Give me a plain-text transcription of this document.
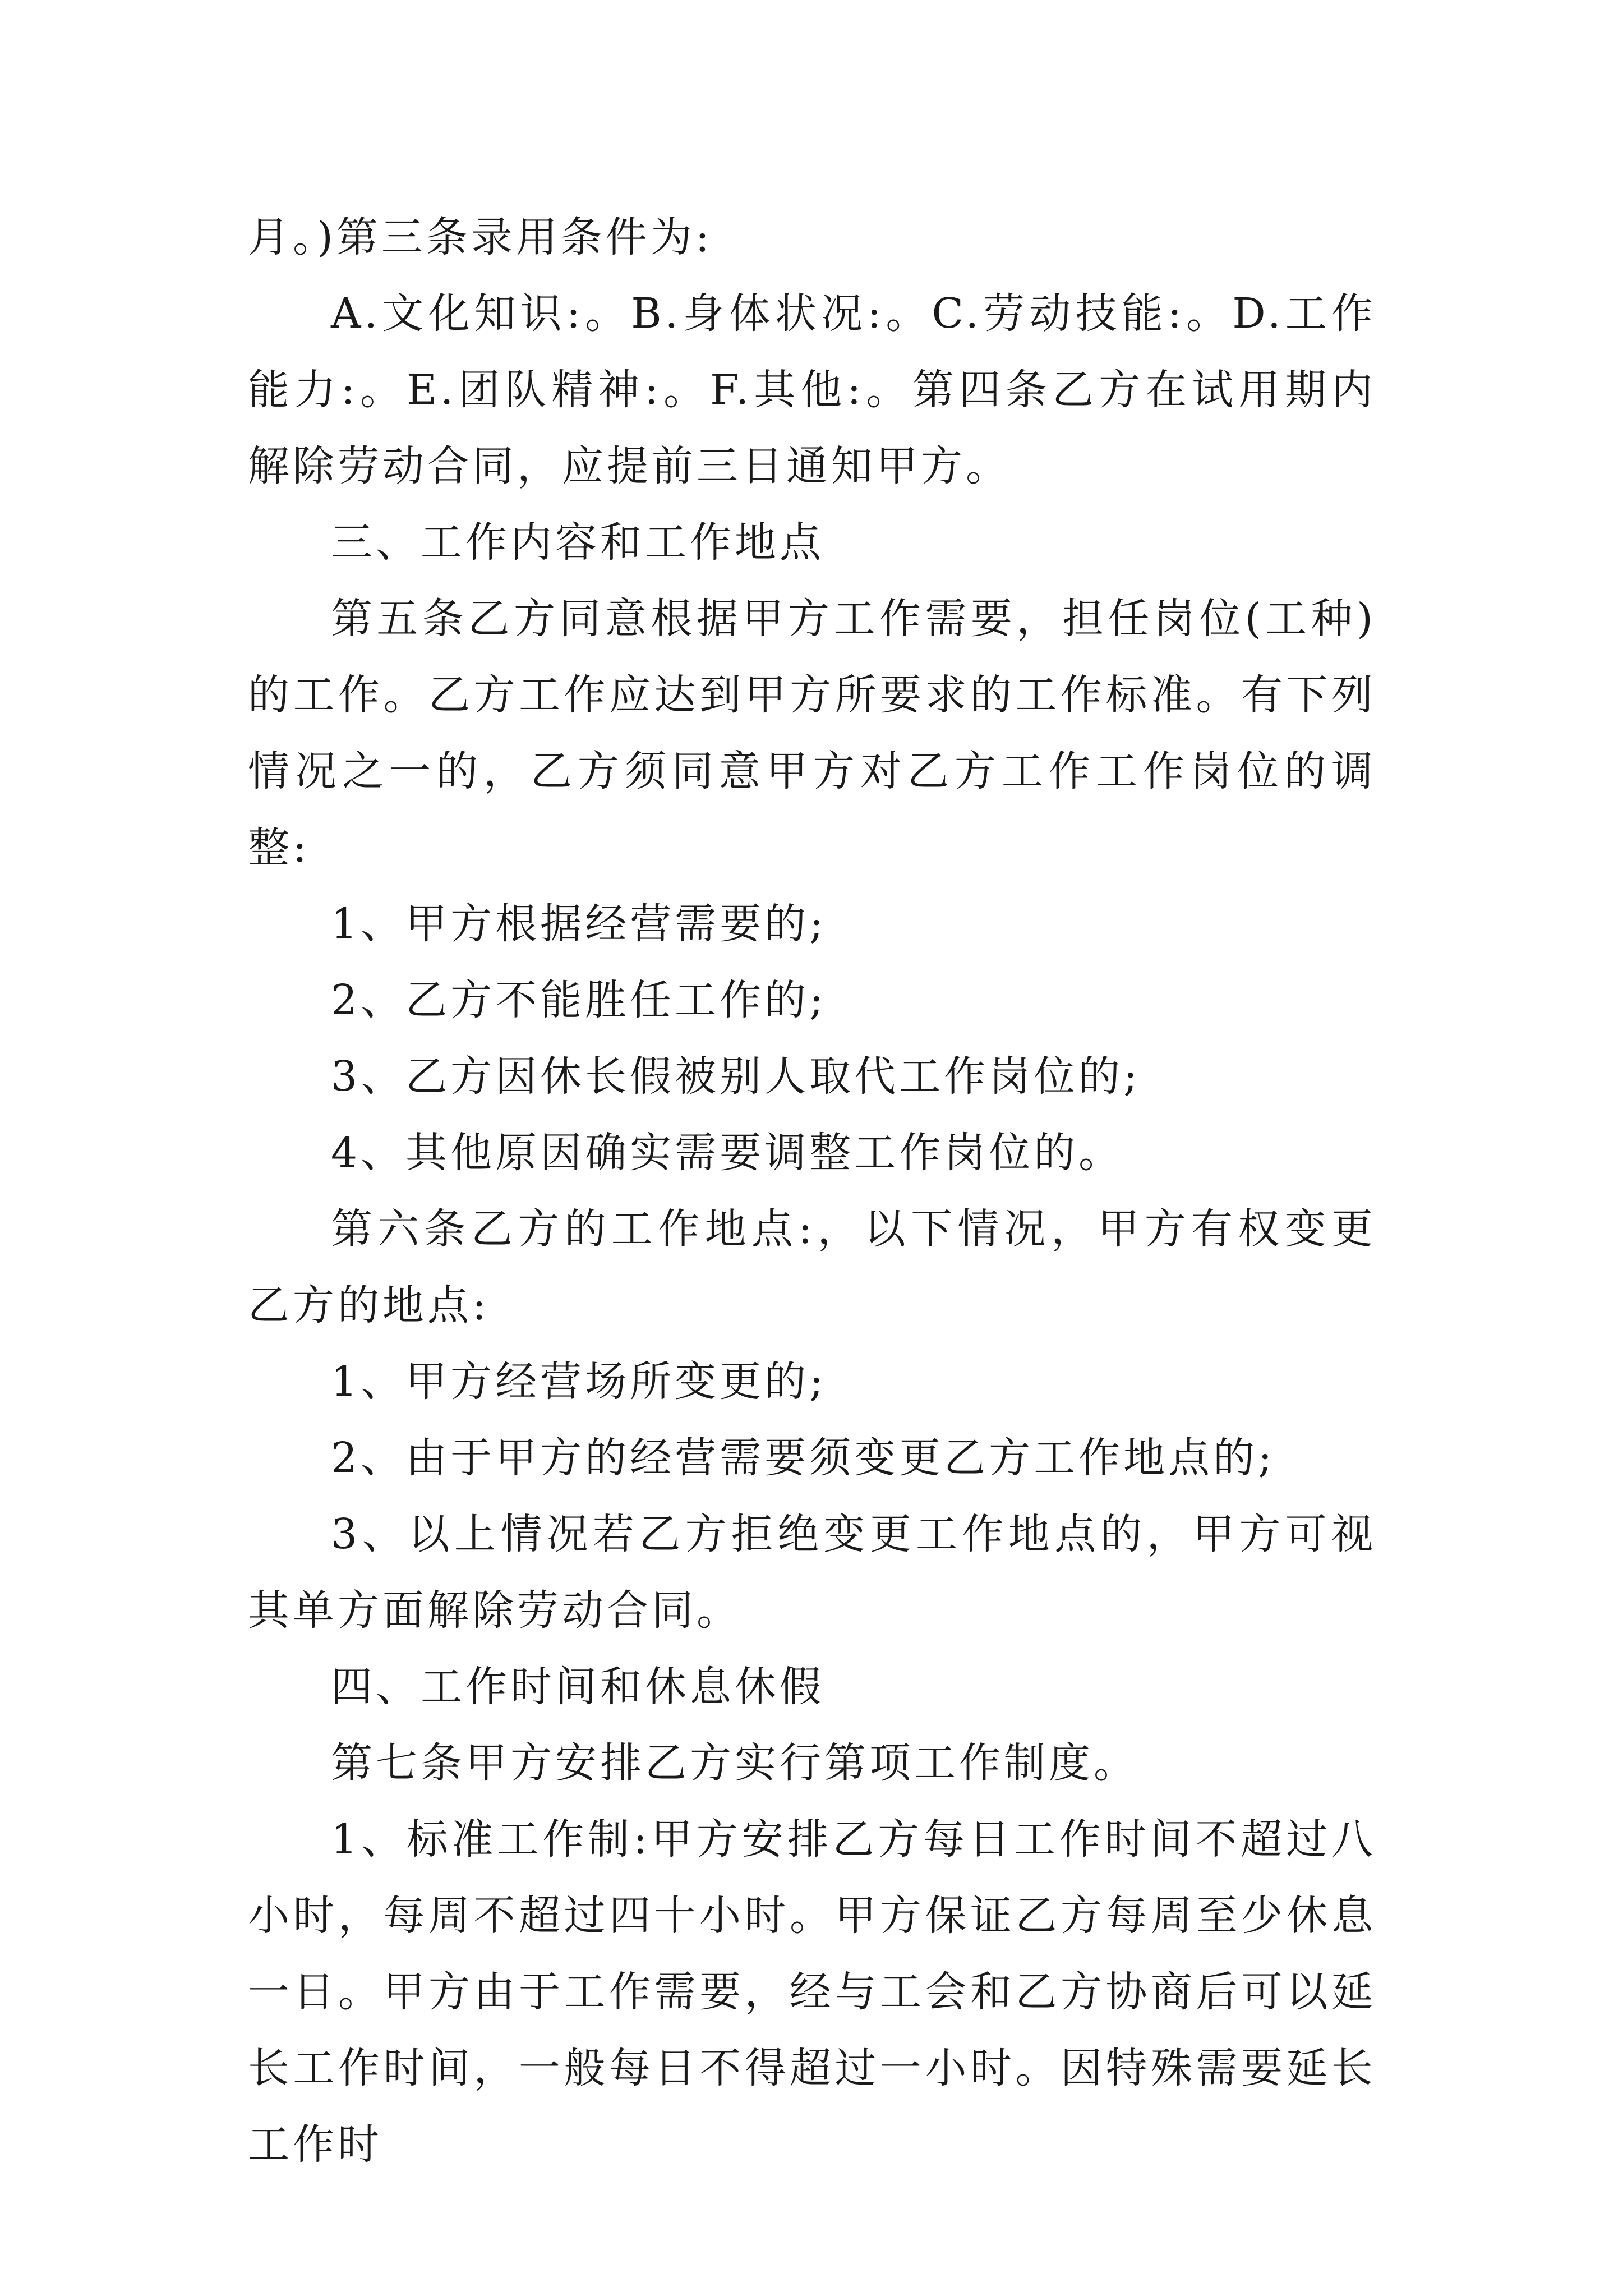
月。)第三条录用条件为:

A.文化知识:。B.身体状况:。C.劳动技能:。D.工作能力:。E.团队精神:。F.其他:。第四条乙方在试用期内解除劳动合同，应提前三日通知甲方。

三、工作内容和工作地点

第五条乙方同意根据甲方工作需要，担任岗位(工种)的工作。乙方工作应达到甲方所要求的工作标准。有下列情况之一的，乙方须同意甲方对乙方工作工作岗位的调整:

1、甲方根据经营需要的;

2、乙方不能胜任工作的;

3、乙方因休长假被别人取代工作岗位的;

4、其他原因确实需要调整工作岗位的。

第六条乙方的工作地点:，以下情况，甲方有权变更乙方的地点:

1、甲方经营场所变更的;

2、由于甲方的经营需要须变更乙方工作地点的;

3、以上情况若乙方拒绝变更工作地点的，甲方可视其单方面解除劳动合同。

四、工作时间和休息休假

第七条甲方安排乙方实行第项工作制度。

1、标准工作制:甲方安排乙方每日工作时间不超过八小时，每周不超过四十小时。甲方保证乙方每周至少休息一日。甲方由于工作需要，经与工会和乙方协商后可以延长工作时间，一般每日不得超过一小时。因特殊需要延长工作时
